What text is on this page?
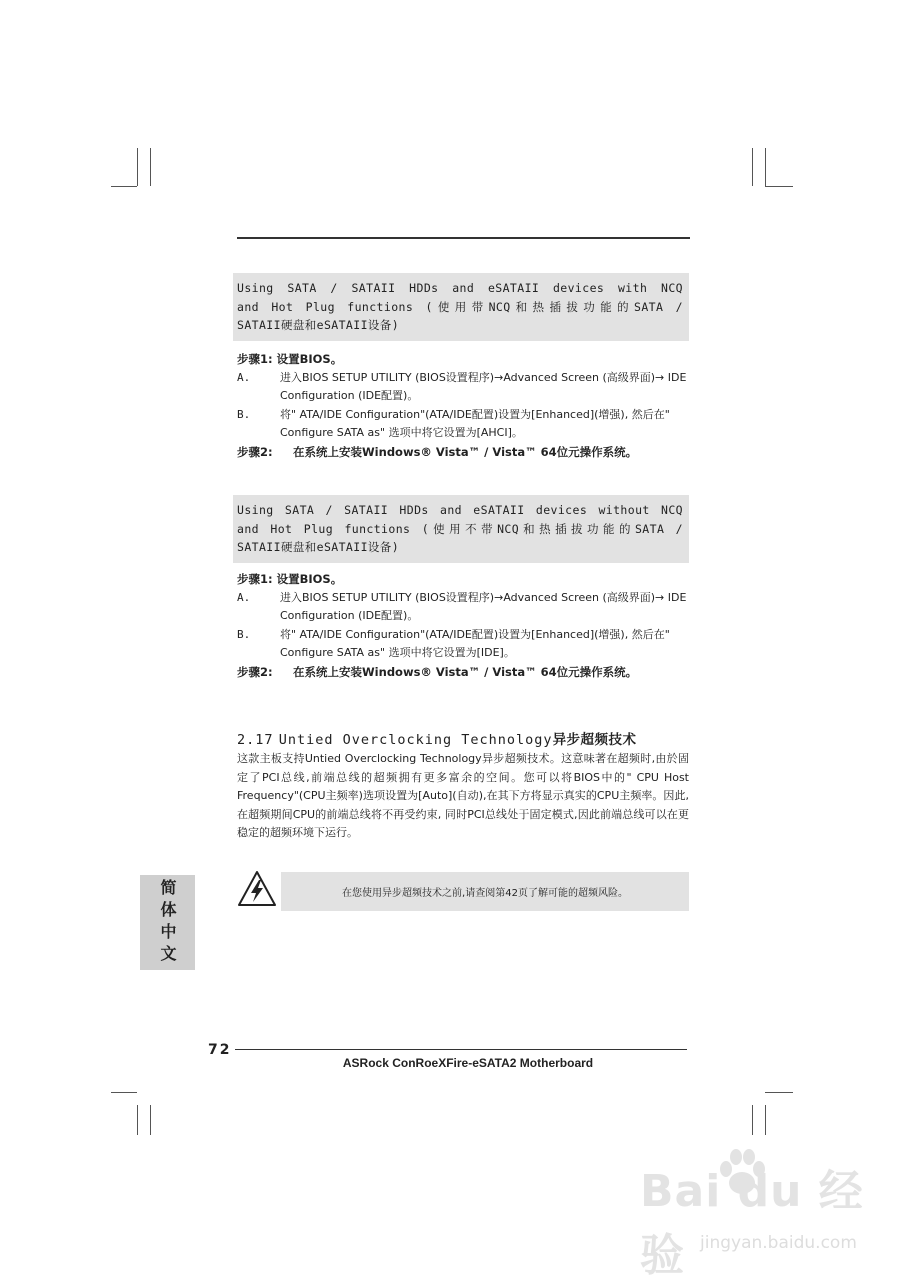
Using SATA / SATAII HDDs and eSATAII devices with NCQ
and Hot Plug functions (使用带NCQ和热插拔功能的SATA /
SATAII硬盘和eSATAII设备)
步骤1: 设置BIOS。
A.	进入BIOS SETUP UTILITY (BIOS设置程序)→Advanced Screen (高级界面)→ IDE Configuration (IDE配置)。
B.	将" ATA/IDE Configuration"(ATA/IDE配置)设置为[Enhanced](增强), 然后在" Configure SATA as" 选项中将它设置为[AHCI]。
步骤2: 在系统上安装Windows® Vista™ / Vista™ 64位元操作系统。
Using SATA / SATAII HDDs and eSATAII devices without NCQ
and Hot Plug functions (使用不带NCQ和热插拔功能的SATA /
SATAII硬盘和eSATAII设备)
步骤1: 设置BIOS。
A.	进入BIOS SETUP UTILITY (BIOS设置程序)→Advanced Screen (高级界面)→ IDE Configuration (IDE配置)。
B.	将" ATA/IDE Configuration"(ATA/IDE配置)设置为[Enhanced](增强), 然后在" Configure SATA as" 选项中将它设置为[IDE]。
步骤2: 在系统上安装Windows® Vista™ / Vista™ 64位元操作系统。
2.17 Untied Overclocking Technology异步超频技术
这款主板支持Untied Overclocking Technology异步超频技术。这意味著在超频时,由於固定了PCI总线,前端总线的超频拥有更多富余的空间。您可以将BIOS中的" CPU Host Frequency"(CPU主频率)选项设置为[Auto](自动),在其下方将显示真实的CPU主频率。因此,在超频期间CPU的前端总线将不再受约束, 同时PCI总线处于固定模式,因此前端总线可以在更稳定的超频环境下运行。
在您使用异步超频技术之前,请查阅第42页了解可能的超频风险。
简体中文
72
ASRock ConRoeXFire-eSATA2 Motherboard
Bai du 经验 jingyan.baidu.com
